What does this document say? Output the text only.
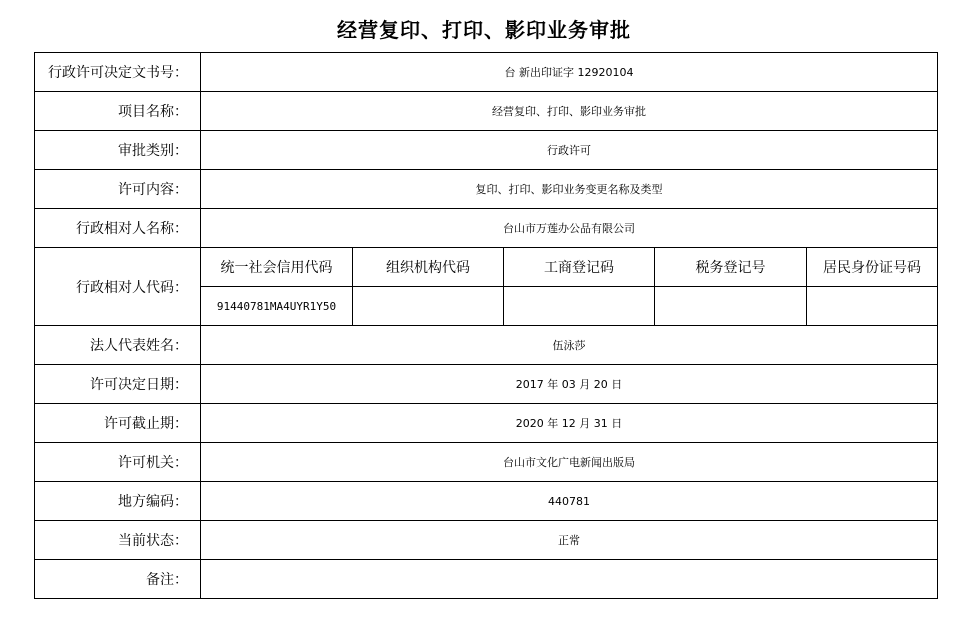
经营复印、打印、影印业务审批
行政许可决定文书号：	台 新出印证字 12920104				
项目名称：	经营复印、打印、影印业务审批				
审批类别：	行政许可				
许可内容：	复印、打印、影印业务变更名称及类型				
行政相对人名称：	台山市万莲办公品有限公司				
行政相对人代码：	统一社会信用代码	组织机构代码	工商登记码	税务登记号	居民身份证号码
	91440781MA4UYR1Y50				
法人代表姓名：	伍泳莎				
许可决定日期：	2017 年 03 月 20 日				
许可截止期：	2020 年 12 月 31 日				
许可机关：	台山市文化广电新闻出版局				
地方编码：	440781				
当前状态：	正常				
备注：					
